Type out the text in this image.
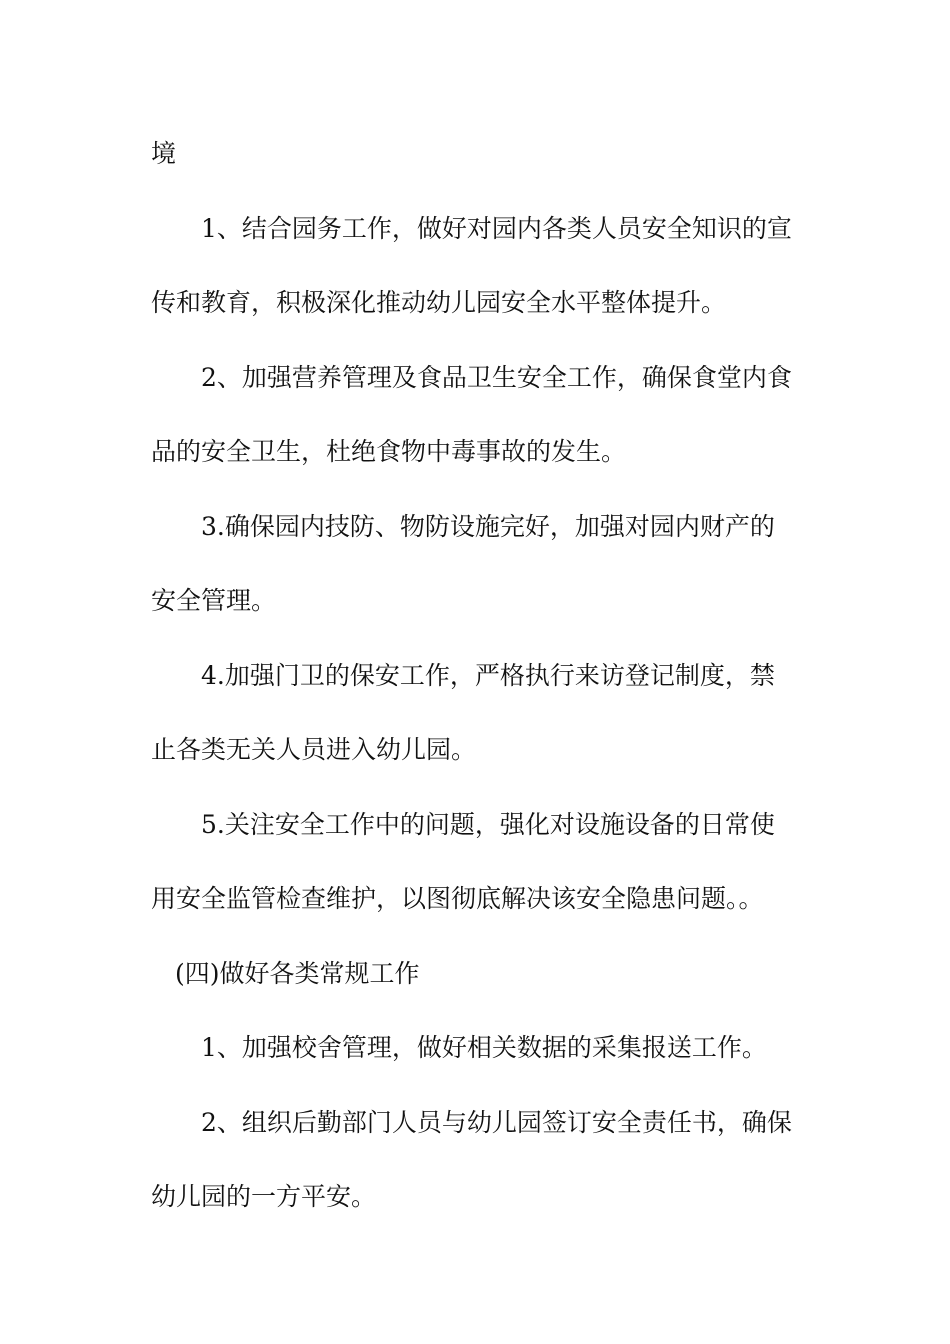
境
1、结合园务工作，做好对园内各类人员安全知识的宣
传和教育，积极深化推动幼儿园安全水平整体提升。
2、加强营养管理及食品卫生安全工作，确保食堂内食
品的安全卫生，杜绝食物中毒事故的发生。
3.确保园内技防、物防设施完好，加强对园内财产的
安全管理。
4.加强门卫的保安工作，严格执行来访登记制度，禁
止各类无关人员进入幼儿园。
5.关注安全工作中的问题，强化对设施设备的日常使
用安全监管检查维护，以图彻底解决该安全隐患问题。。
(四)做好各类常规工作
1、加强校舍管理，做好相关数据的采集报送工作。
2、组织后勤部门人员与幼儿园签订安全责任书，确保
幼儿园的一方平安。
